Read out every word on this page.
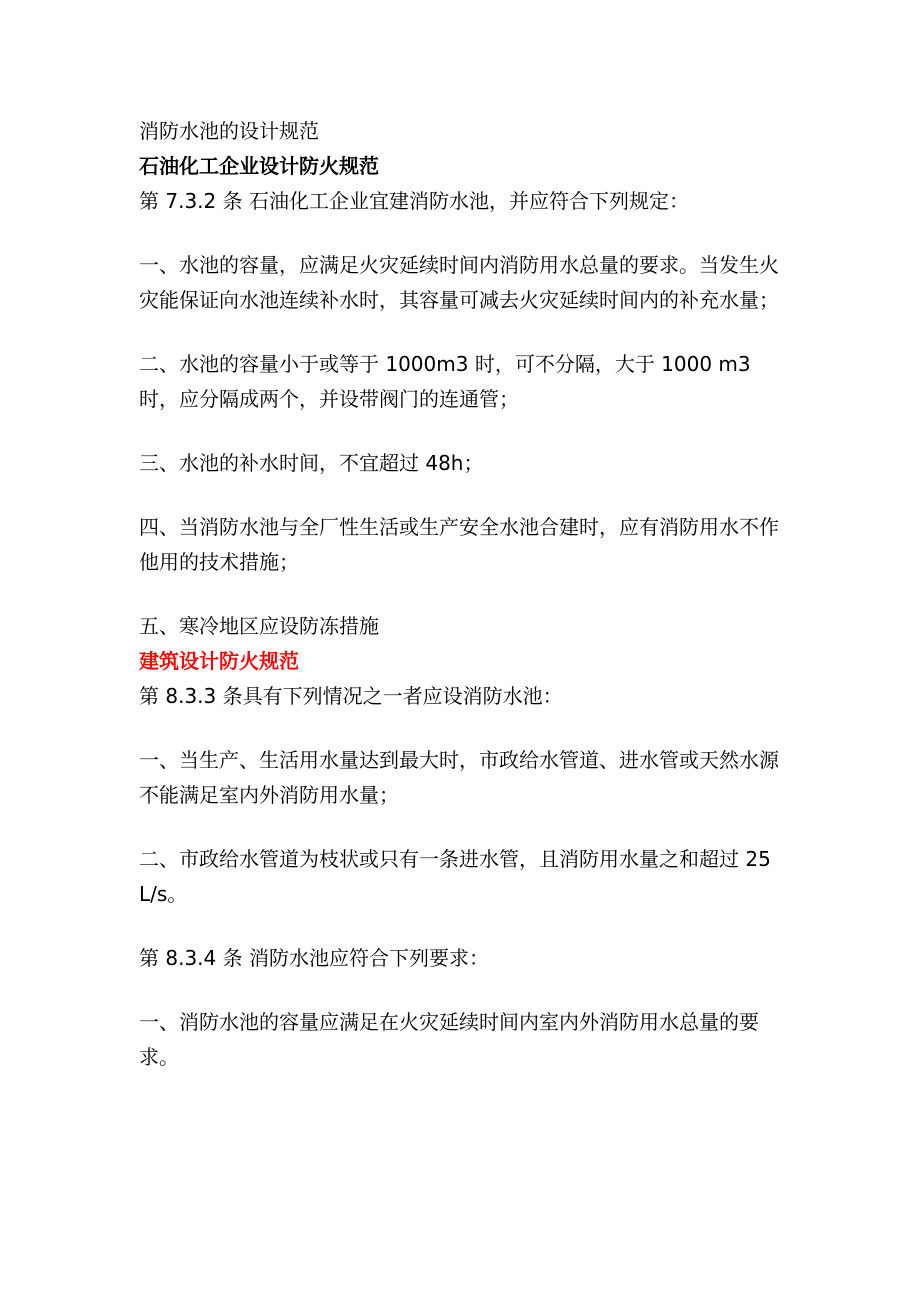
消防水池的设计规范

石油化工企业设计防火规范

第 7.3.2 条 石油化工企业宜建消防水池，并应符合下列规定：

一、水池的容量，应满足火灾延续时间内消防用水总量的要求。当发生火灾能保证向水池连续补水时，其容量可减去火灾延续时间内的补充水量；

二、水池的容量小于或等于 1000m3 时，可不分隔，大于 1000 m3 时，应分隔成两个，并设带阀门的连通管；

三、水池的补水时间，不宜超过 48h；

四、当消防水池与全厂性生活或生产安全水池合建时，应有消防用水不作他用的技术措施；

五、寒冷地区应设防冻措施

建筑设计防火规范

第 8.3.3 条具有下列情况之一者应设消防水池：

一、当生产、生活用水量达到最大时，市政给水管道、进水管或天然水源不能满足室内外消防用水量；

二、市政给水管道为枝状或只有一条进水管，且消防用水量之和超过 25 L/s。

第 8.3.4 条 消防水池应符合下列要求：

一、消防水池的容量应满足在火灾延续时间内室内外消防用水总量的要求。
